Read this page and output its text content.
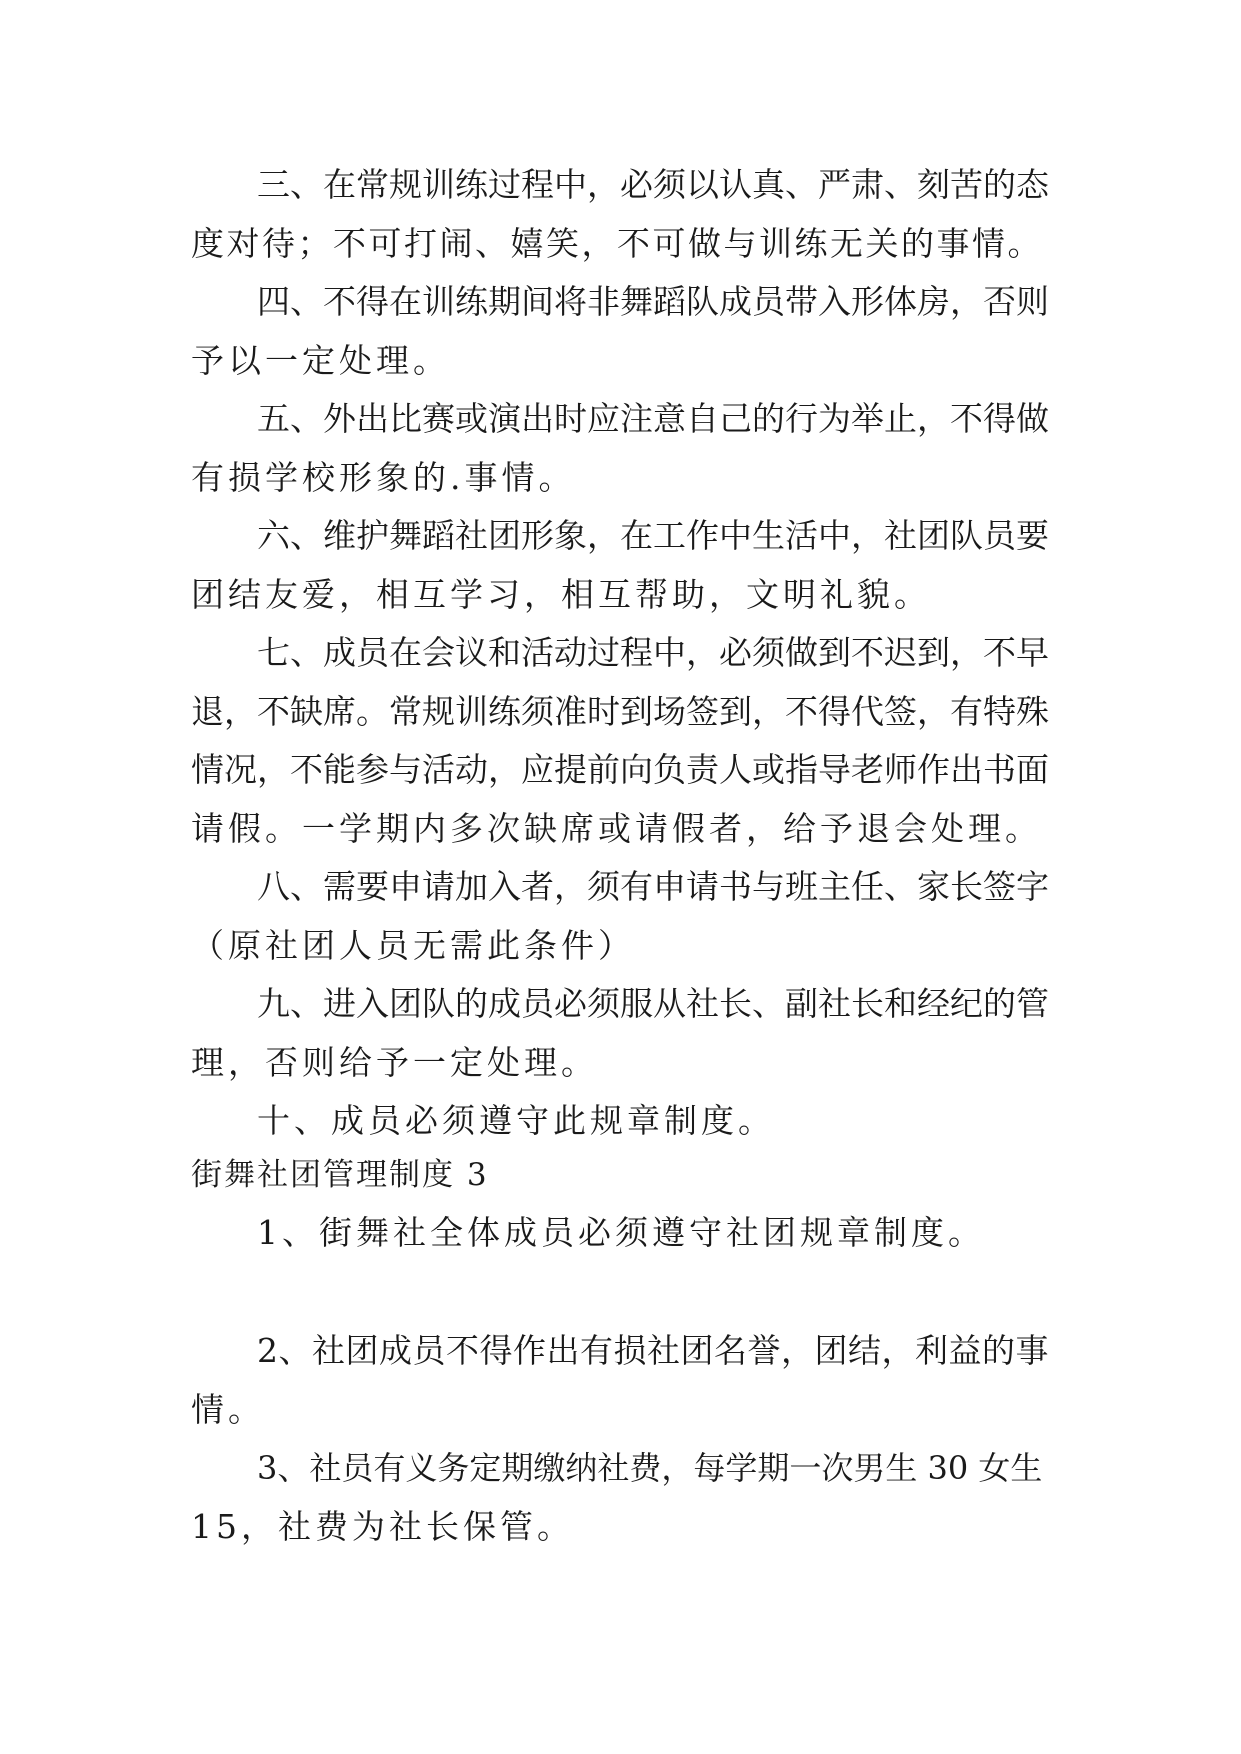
三、在常规训练过程中，必须以认真、严肃、刻苦的态
度对待；不可打闹、嬉笑，不可做与训练无关的事情。
四、不得在训练期间将非舞蹈队成员带入形体房，否则
予以一定处理。
五、外出比赛或演出时应注意自己的行为举止，不得做
有损学校形象的.事情。
六、维护舞蹈社团形象，在工作中生活中，社团队员要
团结友爱，相互学习，相互帮助，文明礼貌。
七、成员在会议和活动过程中，必须做到不迟到，不早
退，不缺席。常规训练须准时到场签到，不得代签，有特殊
情况，不能参与活动，应提前向负责人或指导老师作出书面
请假。一学期内多次缺席或请假者，给予退会处理。
八、需要申请加入者，须有申请书与班主任、家长签字
（原社团人员无需此条件）
九、进入团队的成员必须服从社长、副社长和经纪的管
理，否则给予一定处理。
十、成员必须遵守此规章制度。
街舞社团管理制度 3
1、街舞社全体成员必须遵守社团规章制度。
2、社团成员不得作出有损社团名誉，团结，利益的事
情。
3、社员有义务定期缴纳社费，每学期一次男生 30 女生
15，社费为社长保管。
